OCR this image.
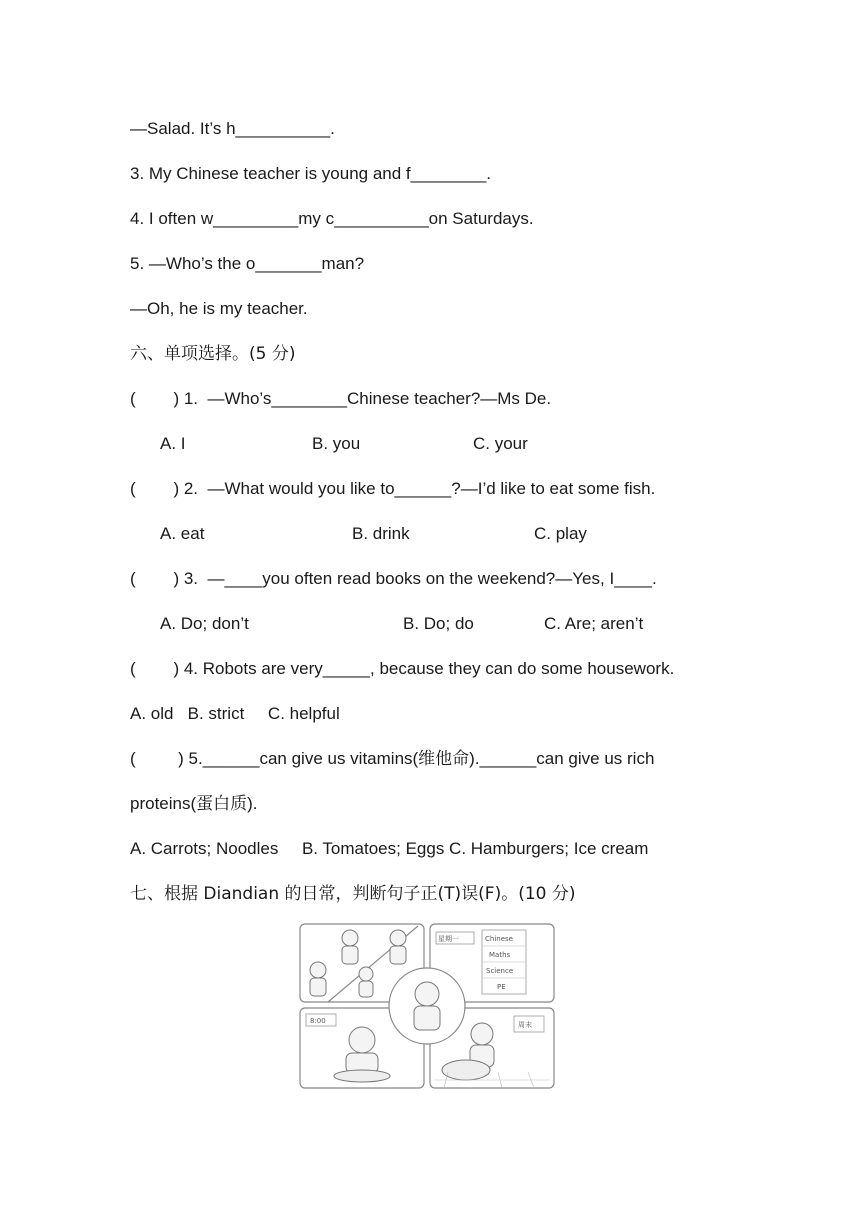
—Salad. It’s h__________.
3. My Chinese teacher is young and f________.
4. I often w_________my c__________on Saturdays.
5. —Who’s the o_______man?
—Oh, he is my teacher.
六、单项选择。(5 分)
(        ) 1.  —Who’s________Chinese teacher?—Ms De.
A. I	B. you	C. your
(        ) 2.  —What would you like to______?—I’d like to eat some fish.
A. eat	B. drink	C. play
(        ) 3.  —____you often read books on the weekend?—Yes, I____.
A. Do; don’t	B. Do; do	C. Are; aren’t
(        ) 4. Robots are very_____, because they can do some housework.
A. old   B. strict     C. helpful
(         ) 5.______can give us vitamins(维他命).______can give us rich
proteins(蛋白质).
A. Carrots; Noodles     B. Tomatoes; Eggs C. Hamburgers; Ice cream
七、根据 Diandian 的日常，判断句子正(T)误(F)。(10 分)
星期一	Chinese
Maths
Science
PE
8:00	周末
